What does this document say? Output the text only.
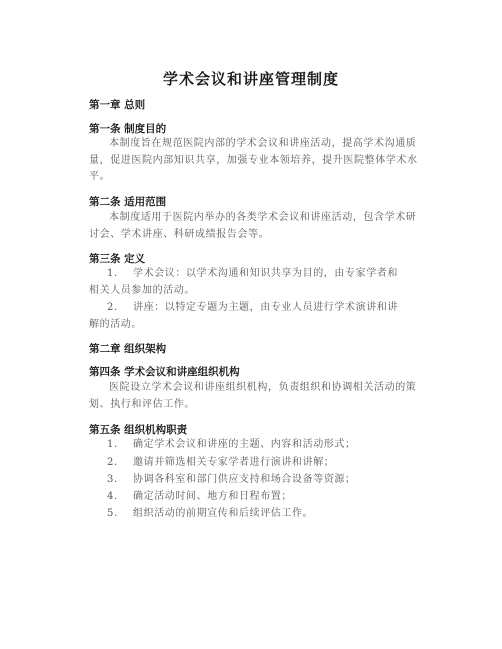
学术会议和讲座管理制度
第一章 总则
第一条 制度目的
本制度旨在规范医院内部的学术会议和讲座活动，提高学术沟通质量，促进医院内部知识共享，加强专业本领培养，提升医院整体学术水平。
第二条 适用范围
本制度适用于医院内举办的各类学术会议和讲座活动，包含学术研讨会、学术讲座、科研成绩报告会等。
第三条 定义
1. 学术会议：以学术沟通和知识共享为目的，由专家学者和
相关人员参加的活动。
2. 讲座：以特定专题为主题，由专业人员进行学术演讲和讲
解的活动。
第二章 组织架构
第四条 学术会议和讲座组织机构
医院设立学术会议和讲座组织机构，负责组织和协调相关活动的策划、执行和评估工作。
第五条 组织机构职责
1. 确定学术会议和讲座的主题、内容和活动形式；
2. 邀请并筛选相关专家学者进行演讲和讲解；
3. 协调各科室和部门供应支持和场合设备等资源；
4. 确定活动时间、地方和日程布置；
5. 组织活动的前期宣传和后续评估工作。
